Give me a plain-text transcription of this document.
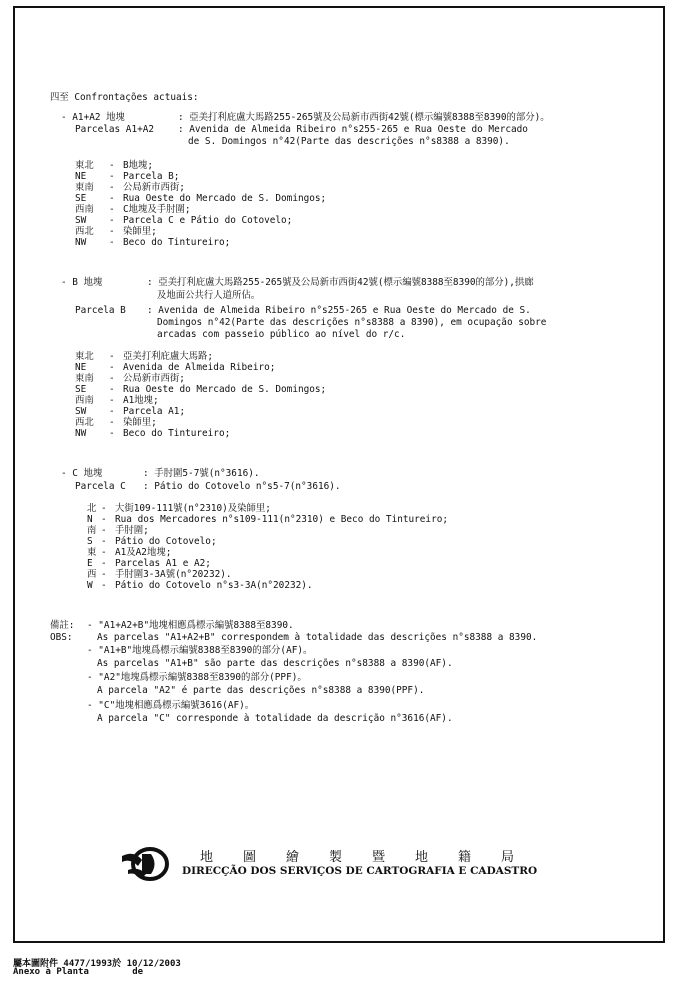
四至 Confrontações actuais:
- A1+A2 地塊	: 亞美打利庇盧大馬路255-265號及公局新市西街42號(標示編號8388至8390的部分)。
Parcelas A1+A2	: Avenida de Almeida Ribeiro n°s255-265 e Rua Oeste do Mercado
de S. Domingos n°42(Parte das descrições n°s8388 a 8390).
東北	- B地塊;
NE	- Parcela B;
東南	- 公局新市西街;
SE	- Rua Oeste do Mercado de S. Domingos;
西南	- C地塊及手肘圍;
SW	- Parcela C e Pátio do Cotovelo;
西北	- 染師里;
NW	- Beco do Tintureiro;
- B 地塊	: 亞美打利庇盧大馬路255-265號及公局新市西街42號(標示編號8388至8390的部分),拱廊
及地面公共行人道所佔。
Parcela B : Avenida de Almeida Ribeiro n°s255-265 e Rua Oeste do Mercado de S.
Domingos n°42(Parte das descrições n°s8388 a 8390), em ocupação sobre
arcadas com passeio público ao nível do r/c.
東北	- 亞美打利庇盧大馬路;
NE	- Avenida de Almeida Ribeiro;
東南	- 公局新市西街;
SE	- Rua Oeste do Mercado de S. Domingos;
西南	- A1地塊;
SW	- Parcela A1;
西北	- 染師里;
NW	- Beco do Tintureiro;
- C 地塊	: 手肘圍5-7號(n°3616).
Parcela C : Pátio do Cotovelo n°s5-7(n°3616).
北 - 大街109-111號(n°2310)及染師里;
N - Rua dos Mercadores n°s109-111(n°2310) e Beco do Tintureiro;
南 - 手肘圍;
S - Pátio do Cotovelo;
東 - A1及A2地塊;
E - Parcelas A1 e A2;
西 - 手肘圍3-3A號(n°20232).
W - Pátio do Cotovelo n°s3-3A(n°20232).
備註:
OBS:
- "A1+A2+B"地塊相應爲標示編號8388至8390.
As parcelas "A1+A2+B" correspondem à totalidade das descrições n°s8388 a 8390.
- "A1+B"地塊爲標示編號8388至8390的部分(AF)。
As parcelas "A1+B" são parte das descrições n°s8388 a 8390(AF).
- "A2"地塊爲標示編號8388至8390的部分(PPF)。
A parcela "A2" é parte das descrições n°s8388 a 8390(PPF).
- "C"地塊相應爲標示編號3616(AF)。
A parcela "C" corresponde à totalidade da descrição n°3616(AF).
地圖繪製暨地籍局
DIRECÇÃO DOS SERVIÇOS DE CARTOGRAFIA E CADASTRO
屬本圖附件 4477/1993於 10/12/2003
Anexo à Planta        de
